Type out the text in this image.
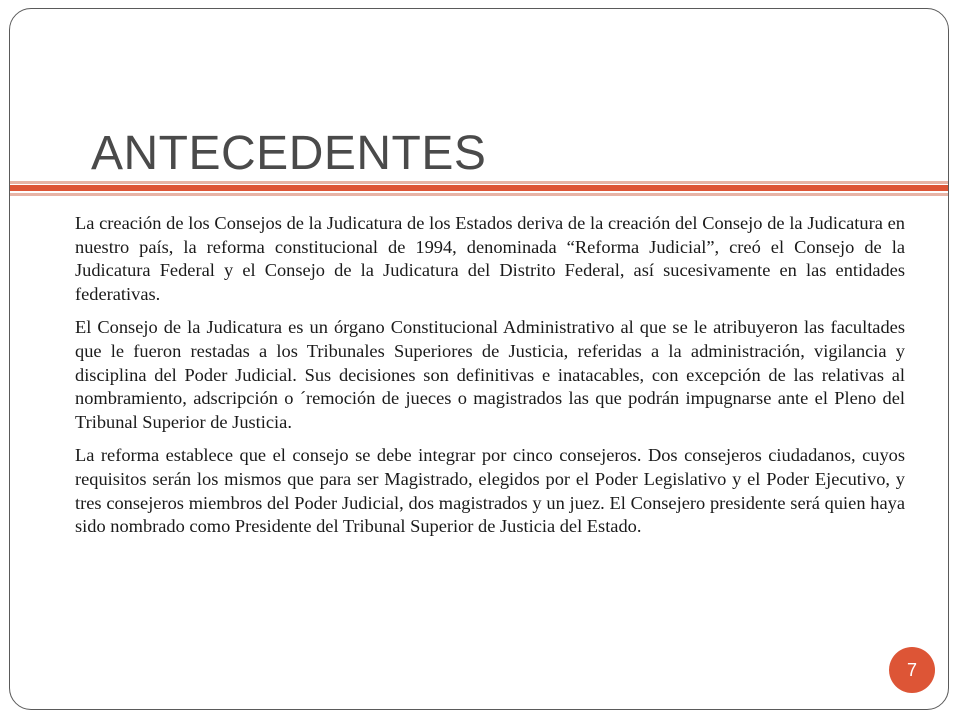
ANTECEDENTES

La creación de los Consejos de la Judicatura de los Estados deriva de la creación del Consejo de la Judicatura en nuestro país, la reforma constitucional de 1994, denominada “Reforma Judicial”, creó el Consejo de la Judicatura Federal y el Consejo de la Judicatura del Distrito Federal, así sucesivamente en las entidades federativas.

El Consejo de la Judicatura es un órgano Constitucional Administrativo al que se le atribuyeron las facultades que le fueron restadas a los Tribunales Superiores de Justicia, referidas a la administración, vigilancia y disciplina del Poder Judicial. Sus decisiones son definitivas e inatacables, con excepción de las relativas al nombramiento, adscripción o ´remoción de jueces o magistrados las que podrán impugnarse ante el Pleno del Tribunal Superior de Justicia.

La reforma establece que el consejo se debe integrar por cinco consejeros. Dos consejeros ciudadanos, cuyos requisitos serán los mismos que para ser Magistrado, elegidos por el Poder Legislativo y el Poder Ejecutivo, y tres consejeros miembros del Poder Judicial, dos magistrados y un juez. El Consejero presidente será quien haya sido nombrado como Presidente del Tribunal Superior de Justicia del Estado.

7
